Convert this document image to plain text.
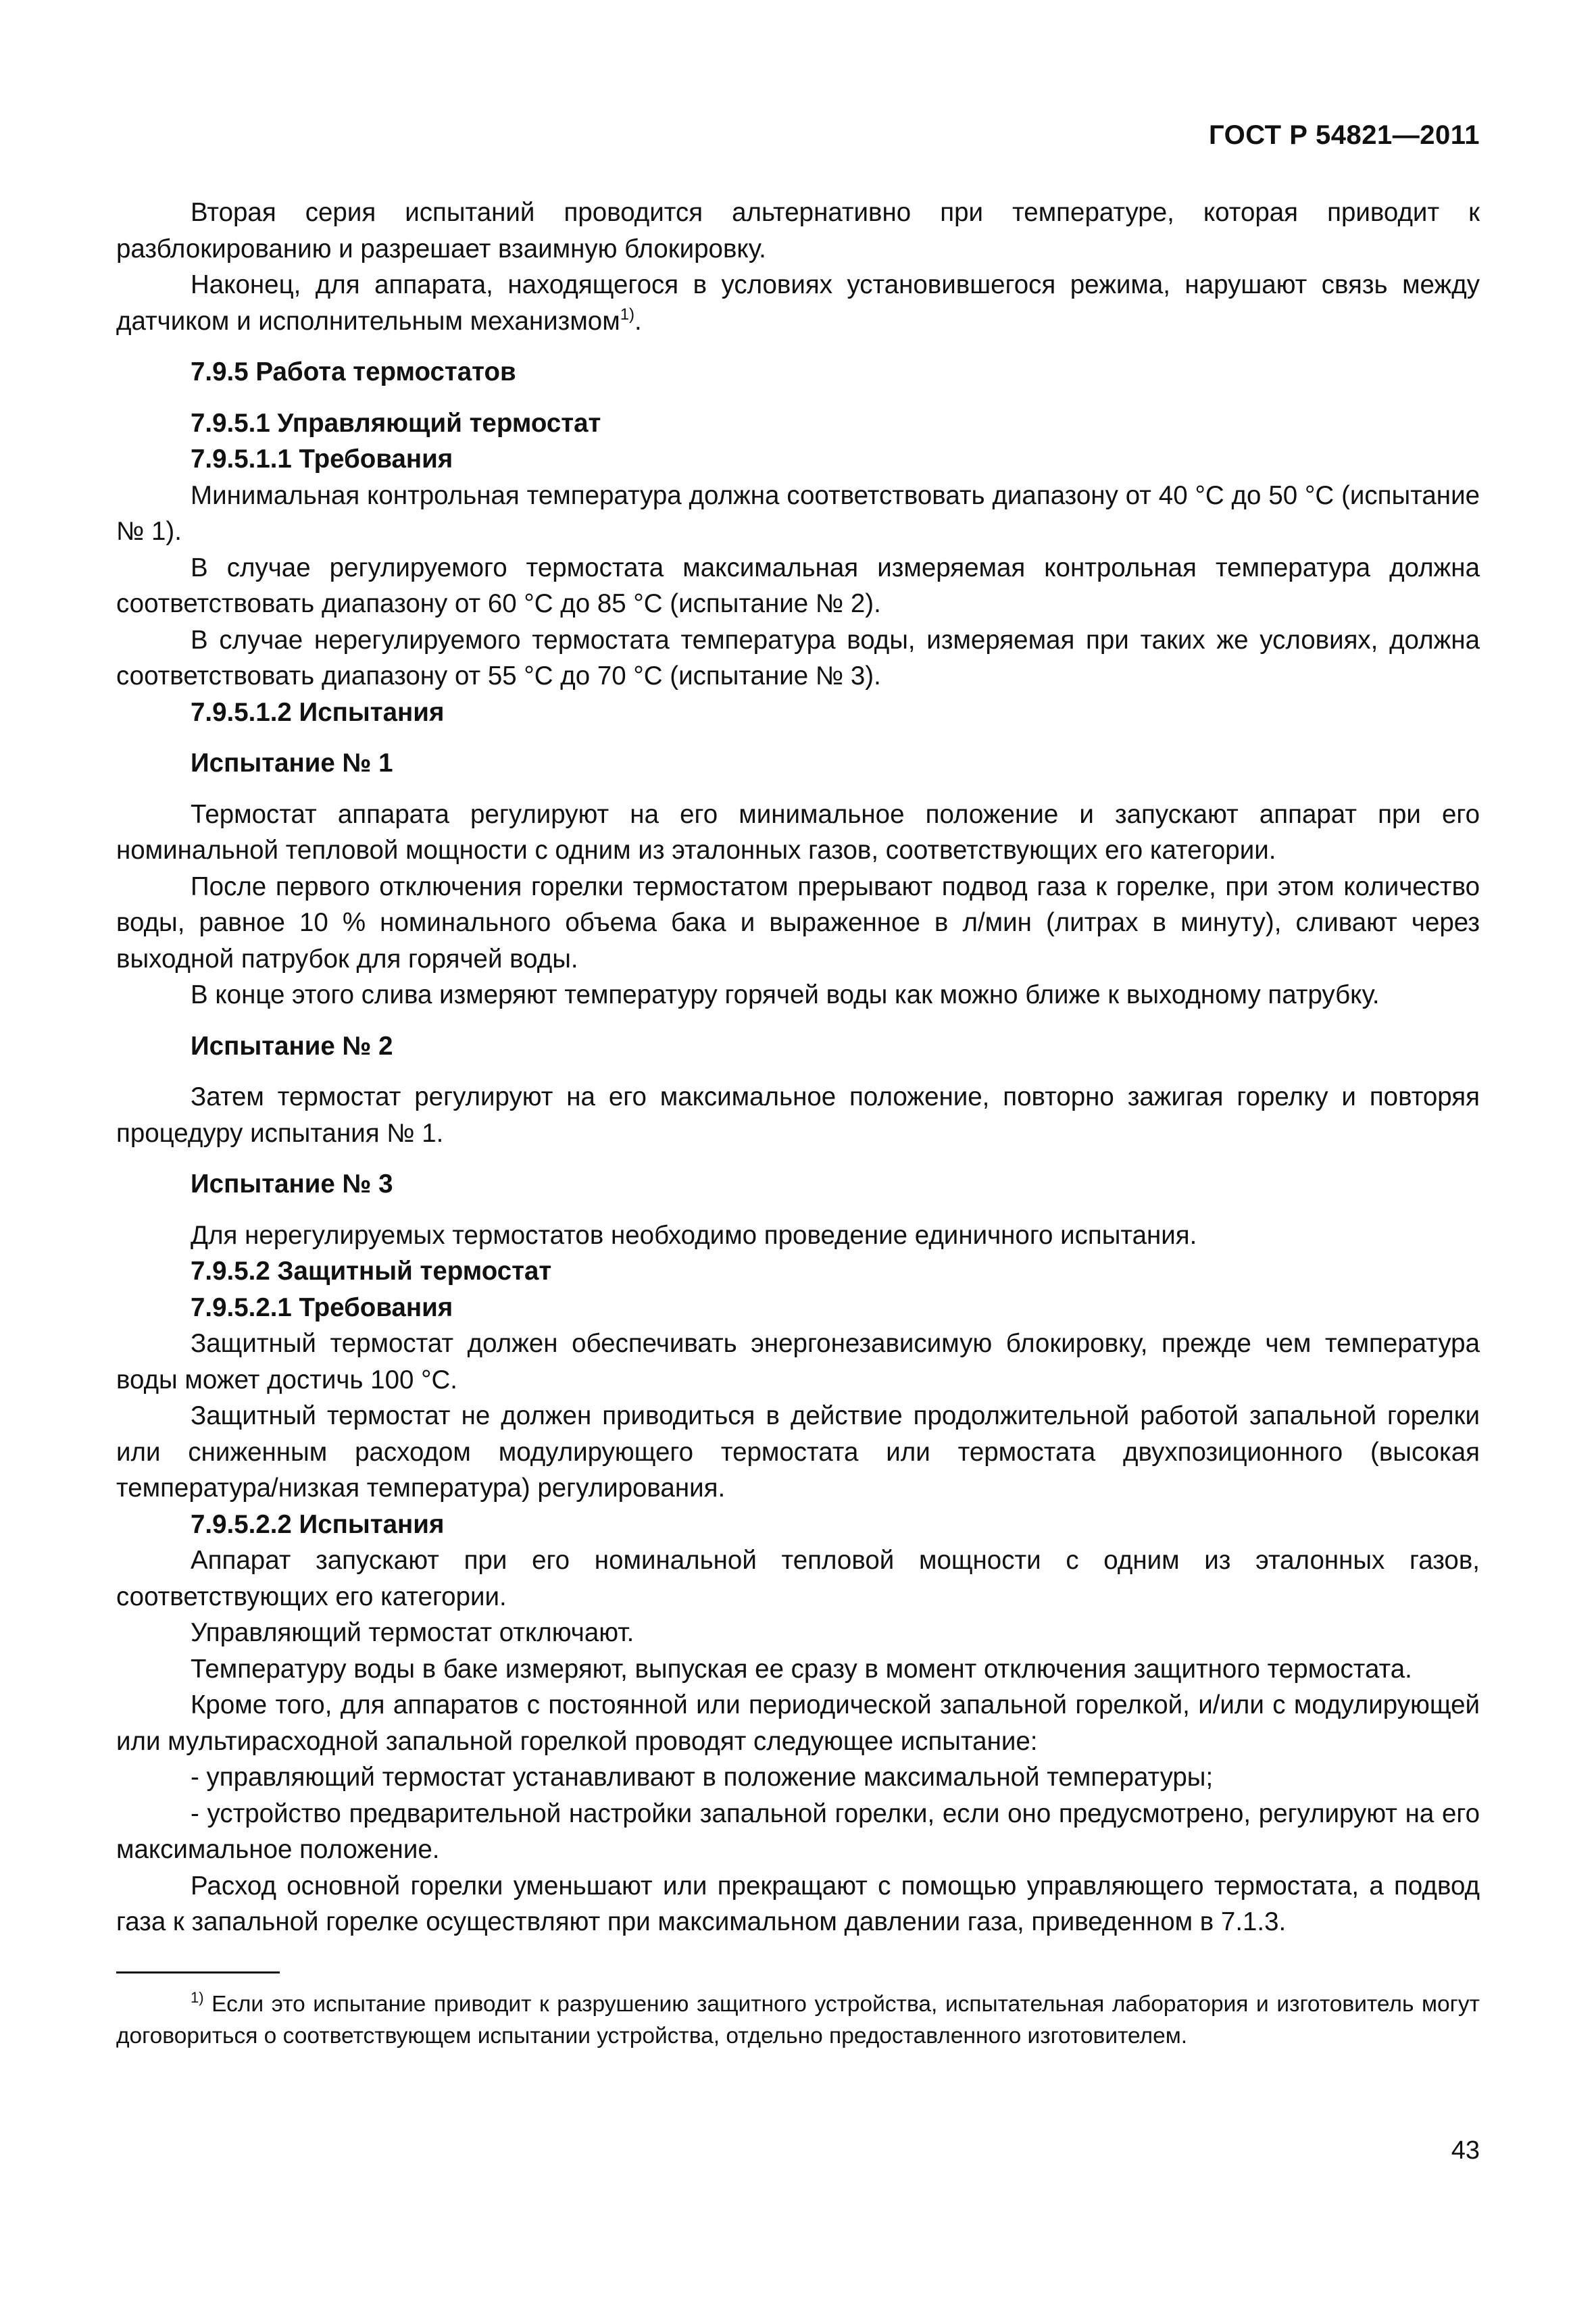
ГОСТ Р 54821—2011

Вторая серия испытаний проводится альтернативно при температуре, которая приводит к разблокированию и разрешает взаимную блокировку.

Наконец, для аппарата, находящегося в условиях установившегося режима, нарушают связь между датчиком и исполнительным механизмом$^{1)}$.

7.9.5 Работа термостатов

7.9.5.1 Управляющий термостат

7.9.5.1.1 Требования

Минимальная контрольная температура должна соответствовать диапазону от 40 °С до 50 °С (испытание № 1).

В случае регулируемого термостата максимальная измеряемая контрольная температура должна соответствовать диапазону от 60 °С до 85 °С (испытание № 2).

В случае нерегулируемого термостата температура воды, измеряемая при таких же условиях, должна соответствовать диапазону от 55 °С до 70 °С (испытание № 3).

7.9.5.1.2 Испытания

Испытание № 1

Термостат аппарата регулируют на его минимальное положение и запускают аппарат при его номинальной тепловой мощности с одним из эталонных газов, соответствующих его категории.

После первого отключения горелки термостатом прерывают подвод газа к горелке, при этом количество воды, равное 10 % номинального объема бака и выраженное в л/мин (литрах в минуту), сливают через выходной патрубок для горячей воды.

В конце этого слива измеряют температуру горячей воды как можно ближе к выходному патрубку.

Испытание № 2

Затем термостат регулируют на его максимальное положение, повторно зажигая горелку и повторяя процедуру испытания № 1.

Испытание № 3

Для нерегулируемых термостатов необходимо проведение единичного испытания.

7.9.5.2 Защитный термостат

7.9.5.2.1 Требования

Защитный термостат должен обеспечивать энергонезависимую блокировку, прежде чем температура воды может достичь 100 °С.

Защитный термостат не должен приводиться в действие продолжительной работой запальной горелки или сниженным расходом модулирующего термостата или термостата двухпозиционного (высокая температура/низкая температура) регулирования.

7.9.5.2.2 Испытания

Аппарат запускают при его номинальной тепловой мощности с одним из эталонных газов, соответствующих его категории.

Управляющий термостат отключают.

Температуру воды в баке измеряют, выпуская ее сразу в момент отключения защитного термостата.

Кроме того, для аппаратов с постоянной или периодической запальной горелкой, и/или с модулирующей или мультирасходной запальной горелкой проводят следующее испытание:

- управляющий термостат устанавливают в положение максимальной температуры;

- устройство предварительной настройки запальной горелки, если оно предусмотрено, регулируют на его максимальное положение.

Расход основной горелки уменьшают или прекращают с помощью управляющего термостата, а подвод газа к запальной горелке осуществляют при максимальном давлении газа, приведенном в 7.1.3.

$^{1)}$ Если это испытание приводит к разрушению защитного устройства, испытательная лаборатория и изготовитель могут договориться о соответствующем испытании устройства, отдельно предоставленного изготовителем.

43
